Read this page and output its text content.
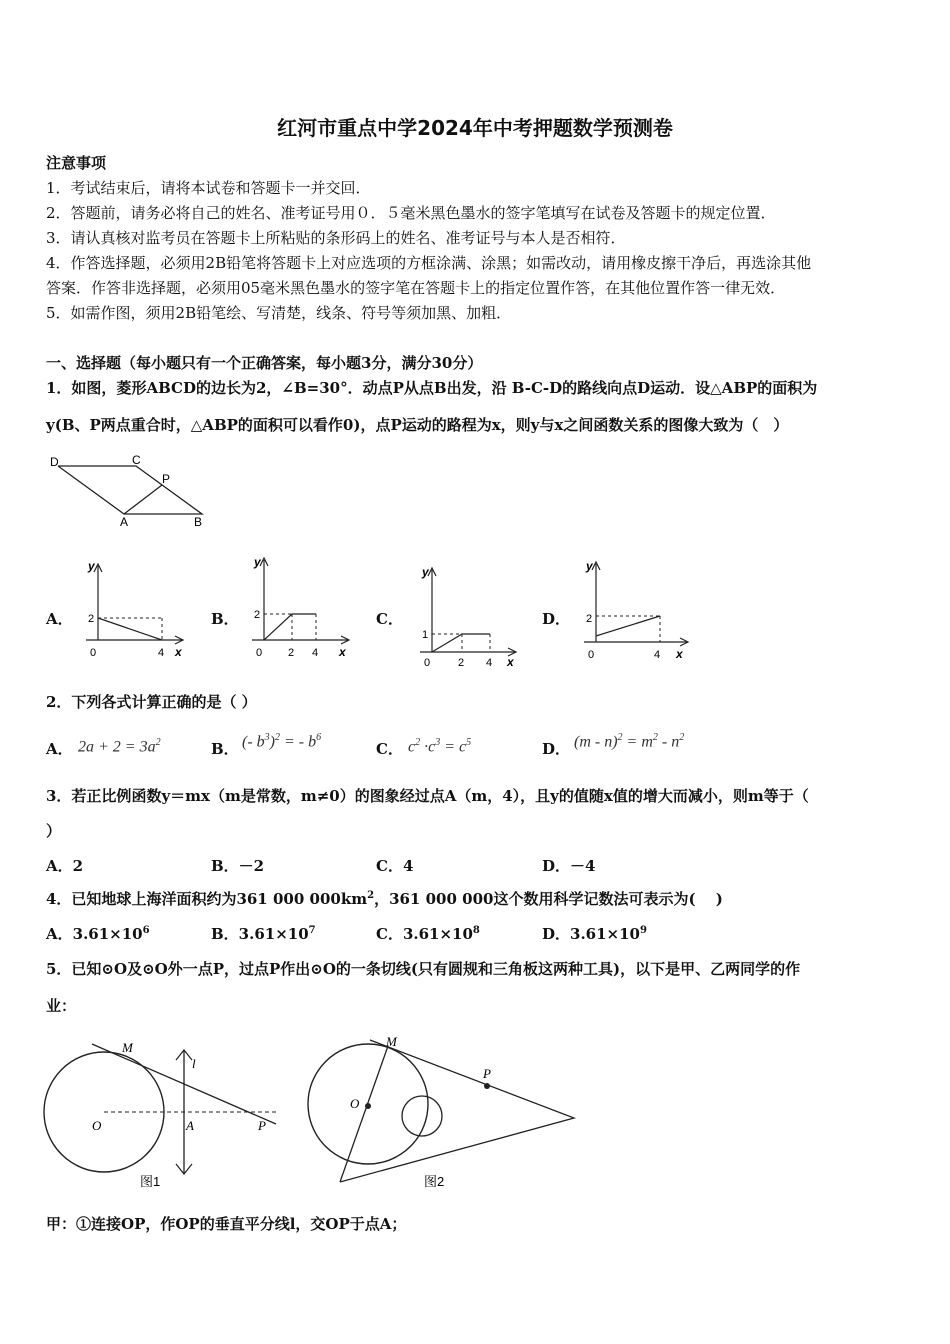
红河市重点中学2024年中考押题数学预测卷
注意事项
1．考试结束后，请将本试卷和答题卡一并交回．
2．答题前，请务必将自己的姓名、准考证号用０．５毫米黑色墨水的签字笔填写在试卷及答题卡的规定位置．
3．请认真核对监考员在答题卡上所粘贴的条形码上的姓名、准考证号与本人是否相符．
4．作答选择题，必须用2B铅笔将答题卡上对应选项的方框涂满、涂黑；如需改动，请用橡皮擦干净后，再选涂其他
答案．作答非选择题，必须用05毫米黑色墨水的签字笔在答题卡上的指定位置作答，在其他位置作答一律无效．
5．如需作图，须用2B铅笔绘、写清楚，线条、符号等须加黑、加粗．
一、选择题（每小题只有一个正确答案，每小题3分，满分30分）
1．如图，菱形ABCD的边长为2，∠B=30°．动点P从点B出发，沿 B-C-D的路线向点D运动．设△ABP的面积为
y(B、P两点重合时，△ABP的面积可以看作0)，点P运动的路程为x，则y与x之间函数关系的图像大致为（　）
D	C
P
A	B
A．
y
x
0
2
4
B．
y
x
0
2
2 4
C．
y
x
0
1
2 4
D．
y
x
0
2
4
2．下列各式计算正确的是（ ）
A． $2a + 2 = 3a^2$	B． (- $b^3)^2$ = - $b^6$
C． $c^2 \cdot c^3 = c^5$	D． $(m - n)^2 = m^2 - n^2$
3．若正比例函数y＝mx（m是常数，m≠0）的图象经过点A（m，4），且y的值随x值的增大而减小，则m等于（
）
A．2	B．－2	C．4	D．－4
4．已知地球上海洋面积约为361 000 $000km^2$，361 000 000这个数用科学记数法可表示为(　 )
A．$3.61\times 10^6$	B．$3.61\times 10^7$	C．$3.61\times 10^8$	D．$3.61\times 10^9$
5．已知⊙O及⊙O外一点P，过点P作出⊙O的一条切线(只有圆规和三角板这两种工具)，以下是甲、乙两同学的作
业：
M
l
O	A	P
图1
M
O
P
图2
甲：①连接OP，作OP的垂直平分线l，交OP于点A；
